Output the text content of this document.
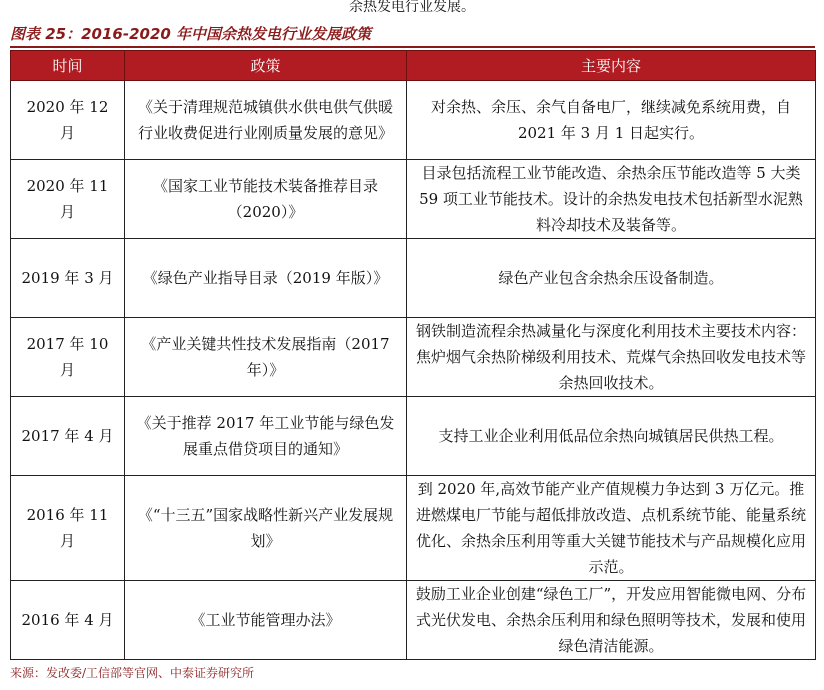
余热发电行业发展。
图表 25：2016-2020 年中国余热发电行业发展政策
时间	政策	主要内容
2020 年 12 月	《关于清理规范城镇供水供电供气供暖行业收费促进行业刚质量发展的意见》	对余热、余压、余气自备电厂，继续减免系统用费，自 2021 年 3 月 1 日起实行。
2020 年 11 月	《国家工业节能技术装备推荐目录（2020）》	目录包括流程工业节能改造、余热余压节能改造等 5 大类 59 项工业节能技术。设计的余热发电技术包括新型水泥熟料冷却技术及装备等。
2019 年 3 月	《绿色产业指导目录（2019 年版）》	绿色产业包含余热余压设备制造。
2017 年 10 月	《产业关键共性技术发展指南（2017 年）》	钢铁制造流程余热减量化与深度化利用技术主要技术内容：焦炉烟气余热阶梯级利用技术、荒煤气余热回收发电技术等余热回收技术。
2017 年 4 月	《关于推荐 2017 年工业节能与绿色发展重点借贷项目的通知》	支持工业企业利用低品位余热向城镇居民供热工程。
2016 年 11 月	《“十三五”国家战略性新兴产业发展规划》	到 2020 年,高效节能产业产值规模力争达到 3 万亿元。推进燃煤电厂节能与超低排放改造、点机系统节能、能量系统优化、余热余压利用等重大关键节能技术与产品规模化应用示范。
2016 年 4 月	《工业节能管理办法》	鼓励工业企业创建“绿色工厂”，开发应用智能微电网、分布式光伏发电、余热余压利用和绿色照明等技术，发展和使用绿色清洁能源。
来源：发改委/工信部等官网、中泰证券研究所
